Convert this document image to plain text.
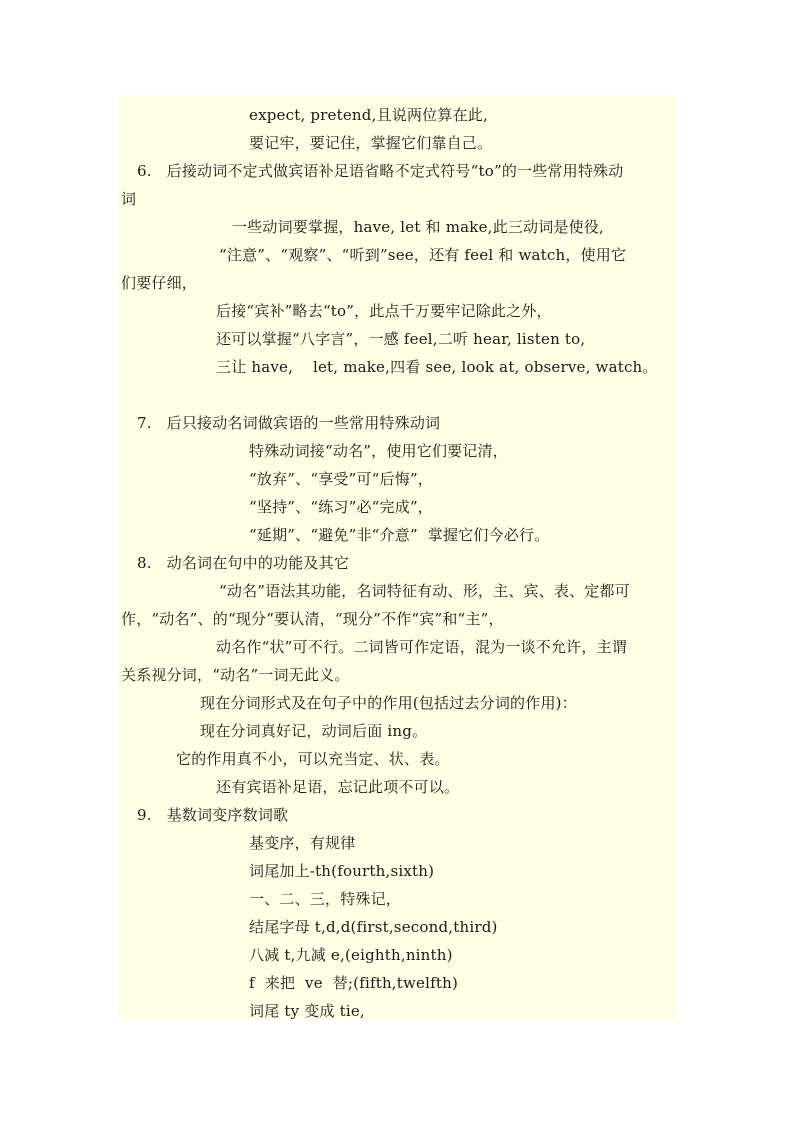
expect, pretend,且说两位算在此,
要记牢，要记住，掌握它们靠自己。
6.   后接动词不定式做宾语补足语省略不定式符号“to”的一些常用特殊动
词
一些动词要掌握，have, let 和 make,此三动词是使役,
“注意”、“观察”、“听到”see，还有 feel 和 watch，使用它
们要仔细，
后接“宾补”略去“to”，此点千万要牢记除此之外，
还可以掌握“八字言”，一感 feel,二听 hear, listen to,
三让 have,    let, make,四看 see, look at, observe, watch。
7.   后只接动名词做宾语的一些常用特殊动词
特殊动词接“动名”，使用它们要记清，
“放弃”、“享受”可“后悔”，
“坚持”、“练习”必“完成”，
“延期”、“避免”非“介意”  掌握它们今必行。
8.   动名词在句中的功能及其它
“动名”语法其功能，名词特征有动、形，主、宾、表、定都可
作，“动名”、的“现分”要认清，“现分”不作“宾”和“主”，
动名作“状”可不行。二词皆可作定语，混为一谈不允许，主谓
关系视分词，“动名”一词无此义。
现在分词形式及在句子中的作用(包括过去分词的作用)：
现在分词真好记，动词后面 ing。
它的作用真不小，可以充当定、状、表。
还有宾语补足语，忘记此项不可以。
9.   基数词变序数词歌
基变序，有规律
词尾加上-th(fourth,sixth)
一、二、三，特殊记，
结尾字母 t,d,d(first,second,third)
八减 t,九减 e,(eighth,ninth)
f  来把  ve  替;(fifth,twelfth)
词尾 ty 变成 tie,
